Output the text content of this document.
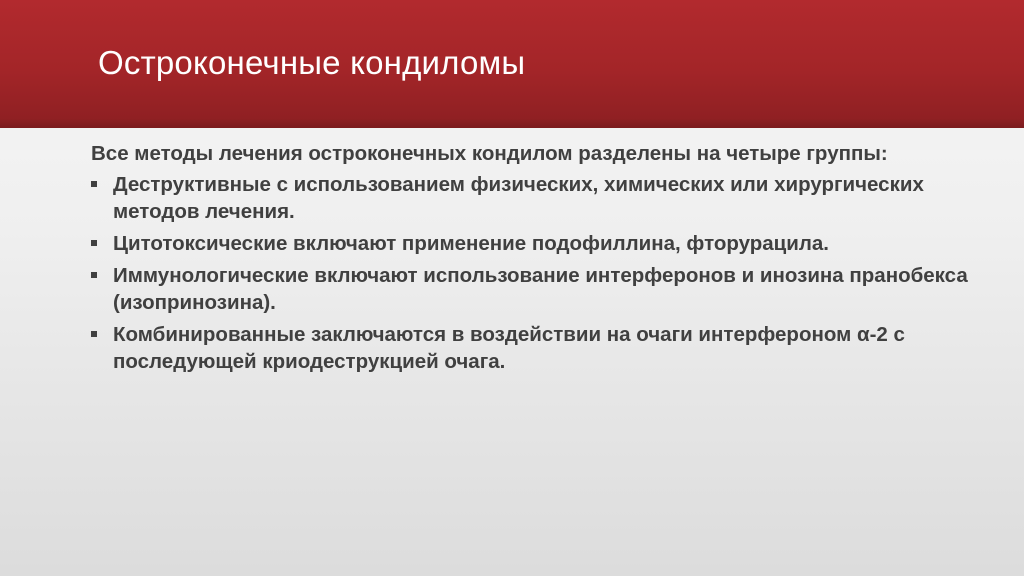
Остроконечные кондиломы

Все методы лечения остроконечных кондилом разделены на четыре группы:

Деструктивные с использованием физических, химических или хирургических методов лечения.
Цитотоксические включают применение подофиллина, фторурацила.
Иммунологические включают использование интерферонов и инозина пранобекса (изопринозина).
Комбинированные заключаются в воздействии на очаги интерфероном α-2 с последующей криодеструкцией очага.
